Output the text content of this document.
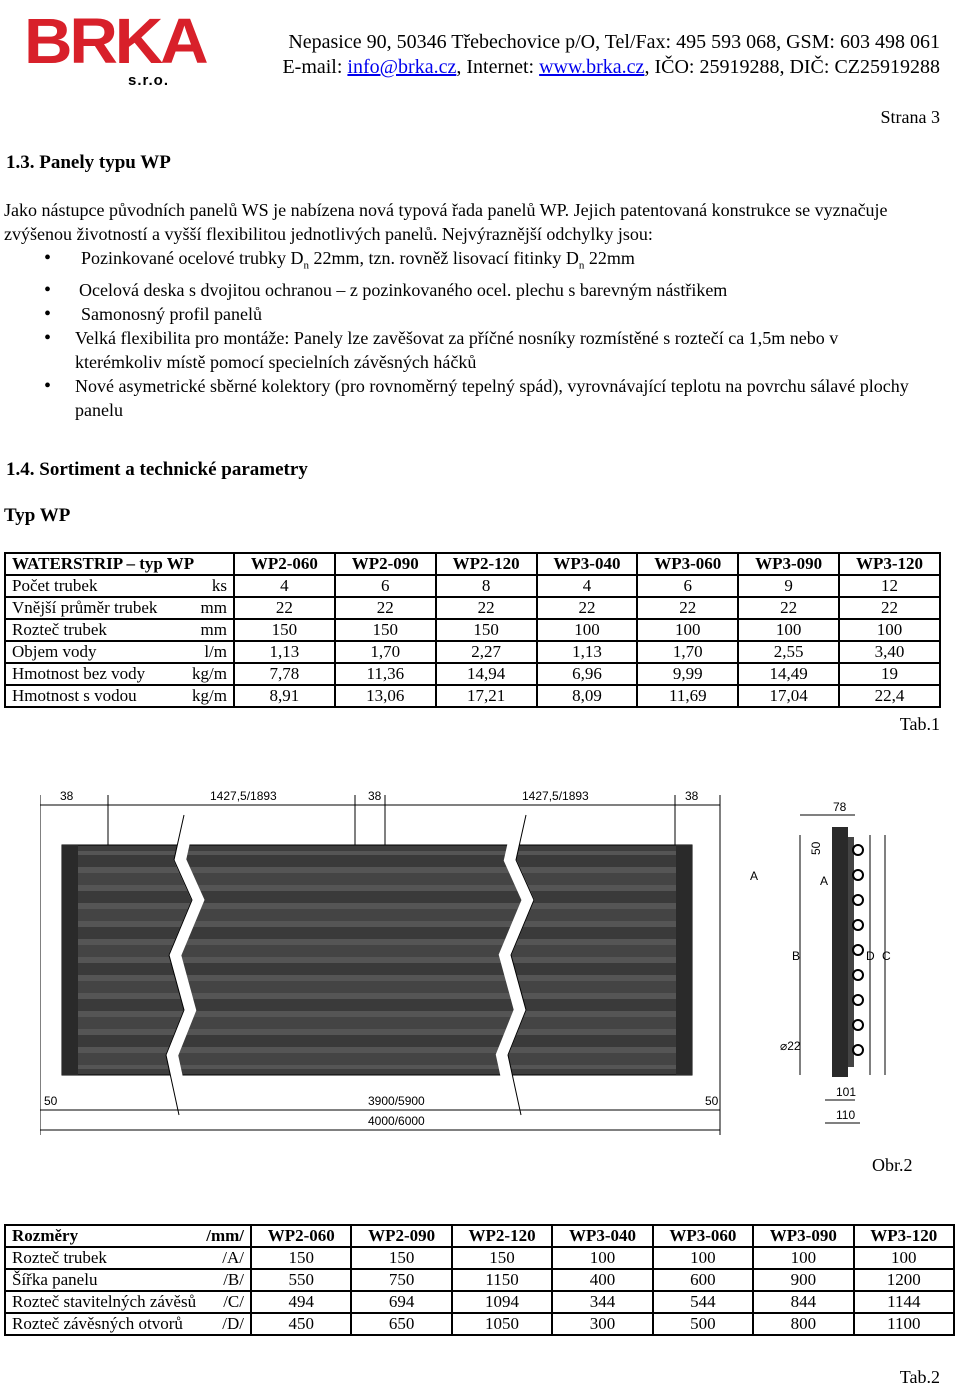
BRKA
s.r.o.
Nepasice 90, 50346 Třebechovice p/O, Tel/Fax: 495 593 068, GSM: 603 498 061
E-mail: info@brka.cz, Internet: www.brka.cz, IČO: 25919288, DIČ: CZ25919288
Strana 3
1.3. Panely typu WP
Jako nástupce původních panelů WS je nabízena nová typová řada panelů WP. Jejich patentovaná konstrukce se vyznačuje zvýšenou životností a vyšší flexibilitou jednotlivých panelů. Nejvýraznější odchylky jsou:
• Pozinkované ocelové trubky $D_n$ 22mm, tzn. rovněž lisovací fitinky $D_n$ 22mm
• Ocelová deska s dvojitou ochranou – z pozinkovaného ocel. plechu s barevným nástřikem
• Samonosný profil panelů
• Velká flexibilita pro montáže: Panely lze zavěšovat za příčné nosníky rozmístěné s roztečí ca 1,5m nebo v kterémkoliv místě pomocí specielních závěsných háčků
• Nové asymetrické sběrné kolektory (pro rovnoměrný tepelný spád), vyrovnávající teplotu na povrchu sálavé plochy panelu
1.4. Sortiment a technické parametry
Typ WP
WATERSTRIP – typ WP	WP2-060	WP2-090	WP2-120	WP3-040	WP3-060	WP3-090	WP3-120
Počet trubek ks	4	6	8	4	6	9	12
Vnější průměr trubek mm	22	22	22	22	22	22	22
Rozteč trubek mm	150	150	150	100	100	100	100
Objem vody l/m	1,13	1,70	2,27	1,13	1,70	2,55	3,40
Hmotnost bez vody kg/m	7,78	11,36	14,94	6,96	9,99	14,49	19
Hmotnost s vodou kg/m	8,91	13,06	17,21	8,09	11,69	17,04	22,4
Tab.1
38	1427,5/1893	38	1427,5/1893	38
50	50
3900/5900
4000/6000
78
50
A	A
B	D C
⌀22
101
110
Obr.2
Rozměry /mm/	WP2-060	WP2-090	WP2-120	WP3-040	WP3-060	WP3-090	WP3-120
Rozteč trubek /A/	150	150	150	100	100	100	100
Šířka panelu /B/	550	750	1150	400	600	900	1200
Rozteč stavitelných závěsů /C/	494	694	1094	344	544	844	1144
Rozteč závěsných otvorů /D/	450	650	1050	300	500	800	1100
Tab.2
